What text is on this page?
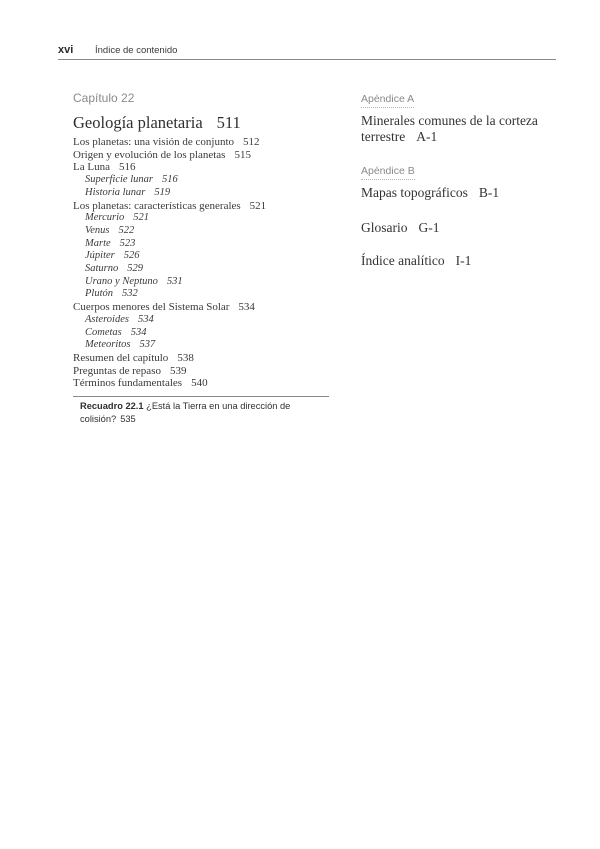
xvi Índice de contenido
Capítulo 22
Geología planetaria 511
Los planetas: una visión de conjunto 512
Origen y evolución de los planetas 515
La Luna 516
Superficie lunar 516
Historia lunar 519
Los planetas: características generales 521
Mercurio 521
Venus 522
Marte 523
Júpiter 526
Saturno 529
Urano y Neptuno 531
Plutón 532
Cuerpos menores del Sistema Solar 534
Asteroides 534
Cometas 534
Meteoritos 537
Resumen del capítulo 538
Preguntas de repaso 539
Términos fundamentales 540
Recuadro 22.1 ¿Está la Tierra en una dirección de
colisión? 535
Apéndice A
Minerales comunes de la corteza
terrestre A-1
Apéndice B
Mapas topográficos B-1
Glosario G-1
Índice analítico I-1
